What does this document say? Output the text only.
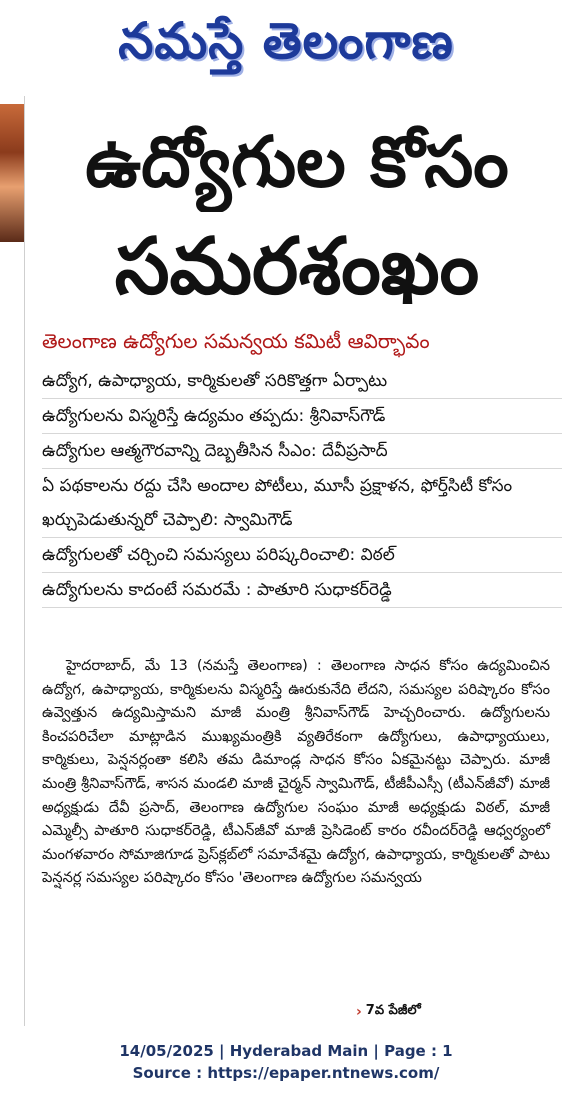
నమస్తే తెలంగాణ
ఉద్యోగుల కోసం
సమరశంఖం
తెలంగాణ ఉద్యోగుల సమన్వయ కమిటీ ఆవిర్భావం
ఉద్యోగ, ఉపాధ్యాయ, కార్మికులతో సరికొత్తగా ఏర్పాటు
ఉద్యోగులను విస్మరిస్తే ఉద్యమం తప్పదు: శ్రీనివాస్‌గౌడ్
ఉద్యోగుల ఆత్మగౌరవాన్ని దెబ్బతీసిన సీఎం: దేవీప్రసాద్
ఏ పథకాలను రద్దు చేసి అందాల పోటీలు, మూసీ ప్రక్షాళన, ఫోర్త్‌సిటీ కోసం ఖర్చుపెడుతున్నరో చెప్పాలి: స్వామిగౌడ్
ఉద్యోగులతో చర్చించి సమస్యలు పరిష్కరించాలి: విఠల్
ఉద్యోగులను కాదంటే సమరమే : పాతూరి సుధాకర్‌రెడ్డి

హైదరాబాద్, మే 13 (నమస్తే తెలంగాణ) : తెలంగాణ సాధన కోసం ఉద్యమించిన ఉద్యోగ, ఉపాధ్యాయ, కార్మికులను విస్మరిస్తే ఊరుకునేది లేదని, సమస్యల పరిష్కారం కోసం ఉవ్వెత్తున ఉద్యమిస్తామని మాజీ మంత్రి శ్రీనివాస్‌గౌడ్ హెచ్చరించారు. ఉద్యోగులను కించపరిచేలా మాట్లాడిన ముఖ్యమంత్రికి వ్యతిరేకంగా ఉద్యోగులు, ఉపాధ్యాయులు, కార్మికులు, పెన్షనర్లంతా కలిసి తమ డిమాండ్ల సాధన కోసం ఏకమైనట్టు చెప్పారు. మాజీ మంత్రి శ్రీనివాస్‌గౌడ్, శాసన మండలి మాజీ చైర్మన్ స్వామిగౌడ్, టీజీపీఎస్సీ (టీఎన్‌జీవో) మాజీ అధ్యక్షుడు దేవీ ప్రసాద్, తెలంగాణ ఉద్యోగుల సంఘం మాజీ అధ్యక్షుడు విఠల్, మాజీ ఎమ్మెల్సీ పాతూరి సుధాకర్‌రెడ్డి, టీఎన్‌జీవో మాజీ ప్రెసిడెంట్ కారం రవీందర్‌రెడ్డి ఆధ్వర్యంలో మంగళవారం సోమాజిగూడ ప్రెస్‌క్లబ్‌లో సమావేశమై ఉద్యోగ, ఉపాధ్యాయ, కార్మికులతో పాటు పెన్షనర్ల సమస్యల పరిష్కారం కోసం 'తెలంగాణ ఉద్యోగుల సమన్వయ

› 7వ పేజీలో
14/05/2025 | Hyderabad Main | Page : 1
Source : https://epaper.ntnews.com/
